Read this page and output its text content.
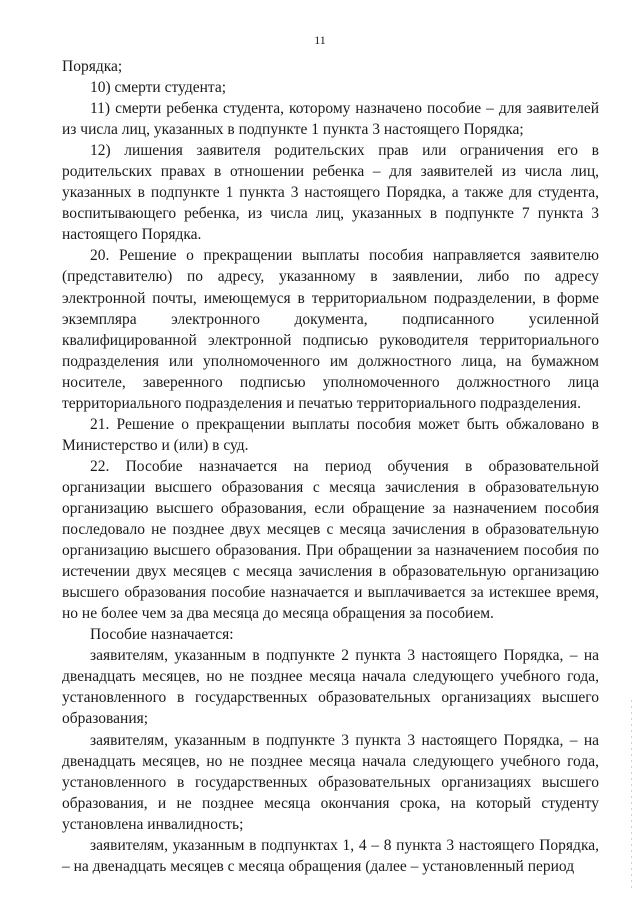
11

Порядка;

10) смерти студента;

11) смерти ребенка студента, которому назначено пособие – для заявителей из числа лиц, указанных в подпункте 1 пункта 3 настоящего Порядка;

12) лишения заявителя родительских прав или ограничения его в родительских правах в отношении ребенка – для заявителей из числа лиц, указанных в подпункте 1 пункта 3 настоящего Порядка, а также для студента, воспитывающего ребенка, из числа лиц, указанных в подпункте 7 пункта 3 настоящего Порядка.

20. Решение о прекращении выплаты пособия направляется заявителю (представителю) по адресу, указанному в заявлении, либо по адресу электронной почты, имеющемуся в территориальном подразделении, в форме экземпляра электронного документа, подписанного усиленной квалифицированной электронной подписью руководителя территориального подразделения или уполномоченного им должностного лица, на бумажном носителе, заверенного подписью уполномоченного должностного лица территориального подразделения и печатью территориального подразделения.

21. Решение о прекращении выплаты пособия может быть обжаловано в Министерство и (или) в суд.

22. Пособие назначается на период обучения в образовательной организации высшего образования с месяца зачисления в образовательную организацию высшего образования, если обращение за назначением пособия последовало не позднее двух месяцев с месяца зачисления в образовательную организацию высшего образования. При обращении за назначением пособия по истечении двух месяцев с месяца зачисления в образовательную организацию высшего образования пособие назначается и выплачивается за истекшее время, но не более чем за два месяца до месяца обращения за пособием.

Пособие назначается:

заявителям, указанным в подпункте 2 пункта 3 настоящего Порядка, – на двенадцать месяцев, но не позднее месяца начала следующего учебного года, установленного в государственных образовательных организациях высшего образования;

заявителям, указанным в подпункте 3 пункта 3 настоящего Порядка, – на двенадцать месяцев, но не позднее месяца начала следующего учебного года, установленного в государственных образовательных организациях высшего образования, и не позднее месяца окончания срока, на который студенту установлена инвалидность;

заявителям, указанным в подпунктах 1, 4 – 8 пункта 3 настоящего Порядка, – на двенадцать месяцев с месяца обращения (далее – установленный период
